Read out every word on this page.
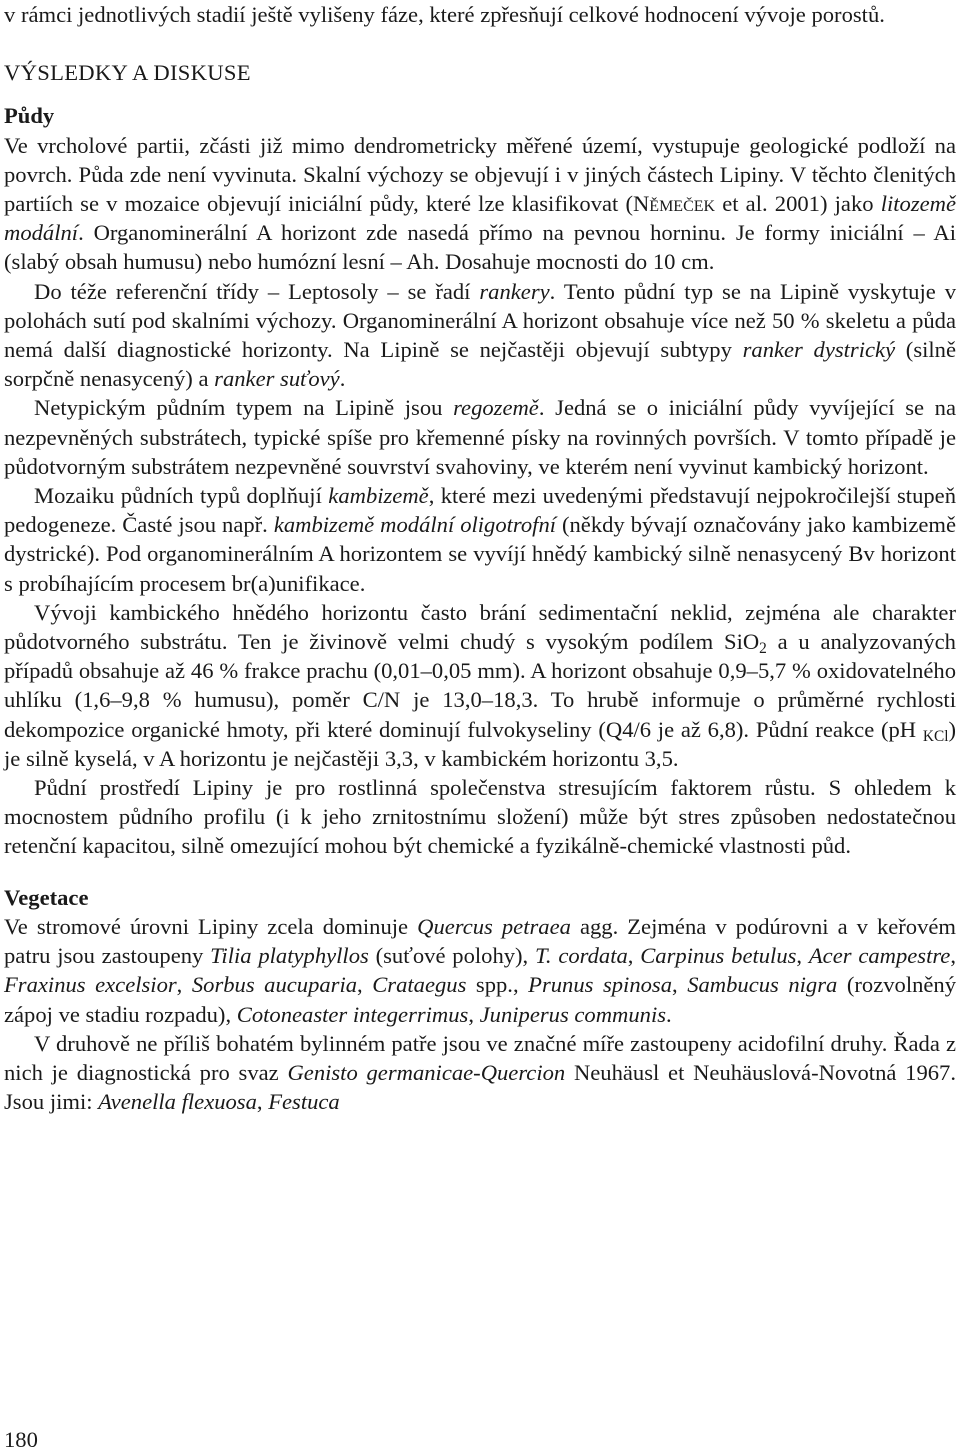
v rámci jednotlivých stadií ještě vylišeny fáze, které zpřesňují celkové hodnocení vývoje porostů.

VÝSLEDKY A DISKUSE

Půdy

Ve vrcholové partii, zčásti již mimo dendrometricky měřené území, vystupuje geologické podloží na povrch. Půda zde není vyvinuta. Skalní výchozy se objevují i v jiných částech Lipiny. V těchto členitých partiích se v mozaice objevují iniciální půdy, které lze klasifikovat (Němeček et al. 2001) jako litozemě modální. Organominerální A horizont zde nasedá přímo na pevnou horninu. Je formy iniciální – Ai (slabý obsah humusu) nebo humózní lesní – Ah. Dosahuje mocnosti do 10 cm.

Do téže referenční třídy – Leptosoly – se řadí rankery. Tento půdní typ se na Lipině vyskytuje v polohách sutí pod skalními výchozy. Organominerální A horizont obsahuje více než 50 % skeletu a půda nemá další diagnostické horizonty. Na Lipině se nejčastěji objevují subtypy ranker dystrický (silně sorpčně nenasycený) a ranker suťový.

Netypickým půdním typem na Lipině jsou regozemě. Jedná se o iniciální půdy vyvíjející se na nezpevněných substrátech, typické spíše pro křemenné písky na rovinných površích. V tomto případě je půdotvorným substrátem nezpevněné souvrství svahoviny, ve kterém není vyvinut kambický horizont.

Mozaiku půdních typů doplňují kambizemě, které mezi uvedenými představují nejpokročilejší stupeň pedogeneze. Časté jsou např. kambizemě modální oligotrofní (někdy bývají označovány jako kambizemě dystrické). Pod organominerálním A horizontem se vyvíjí hnědý kambický silně nenasycený Bv horizont s probíhajícím procesem br(a)unifikace.

Vývoji kambického hnědého horizontu často brání sedimentační neklid, zejména ale charakter půdotvorného substrátu. Ten je živinově velmi chudý s vysokým podílem SiO$_2$ a u analyzovaných případů obsahuje až 46 % frakce prachu (0,01–0,05 mm). A horizont obsahuje 0,9–5,7 % oxidovatelného uhlíku (1,6–9,8 % humusu), poměr C/N je 13,0–18,3. To hrubě informuje o průměrné rychlosti dekompozice organické hmoty, při které dominují fulvokyseliny (Q4/6 je až 6,8). Půdní reakce (pH $_{KCl}$) je silně kyselá, v A horizontu je nejčastěji 3,3, v kambickém horizontu 3,5.

Půdní prostředí Lipiny je pro rostlinná společenstva stresujícím faktorem růstu. S ohledem k mocnostem půdního profilu (i k jeho zrnitostnímu složení) může být stres způsoben nedostatečnou retenční kapacitou, silně omezující mohou být chemické a fyzikálně-chemické vlastnosti půd.

Vegetace

Ve stromové úrovni Lipiny zcela dominuje Quercus petraea agg. Zejména v podúrovni a v keřovém patru jsou zastoupeny Tilia platyphyllos (suťové polohy), T. cordata, Carpinus betulus, Acer campestre, Fraxinus excelsior, Sorbus aucuparia, Crataegus spp., Prunus spinosa, Sambucus nigra (rozvolněný zápoj ve stadiu rozpadu), Cotoneaster integerrimus, Juniperus communis.

V druhově ne příliš bohatém bylinném patře jsou ve značné míře zastoupeny acidofilní druhy. Řada z nich je diagnostická pro svaz Genisto germanicae-Quercion Neuhäusl et Neuhäuslová-Novotná 1967. Jsou jimi: Avenella flexuosa, Festuca

180
